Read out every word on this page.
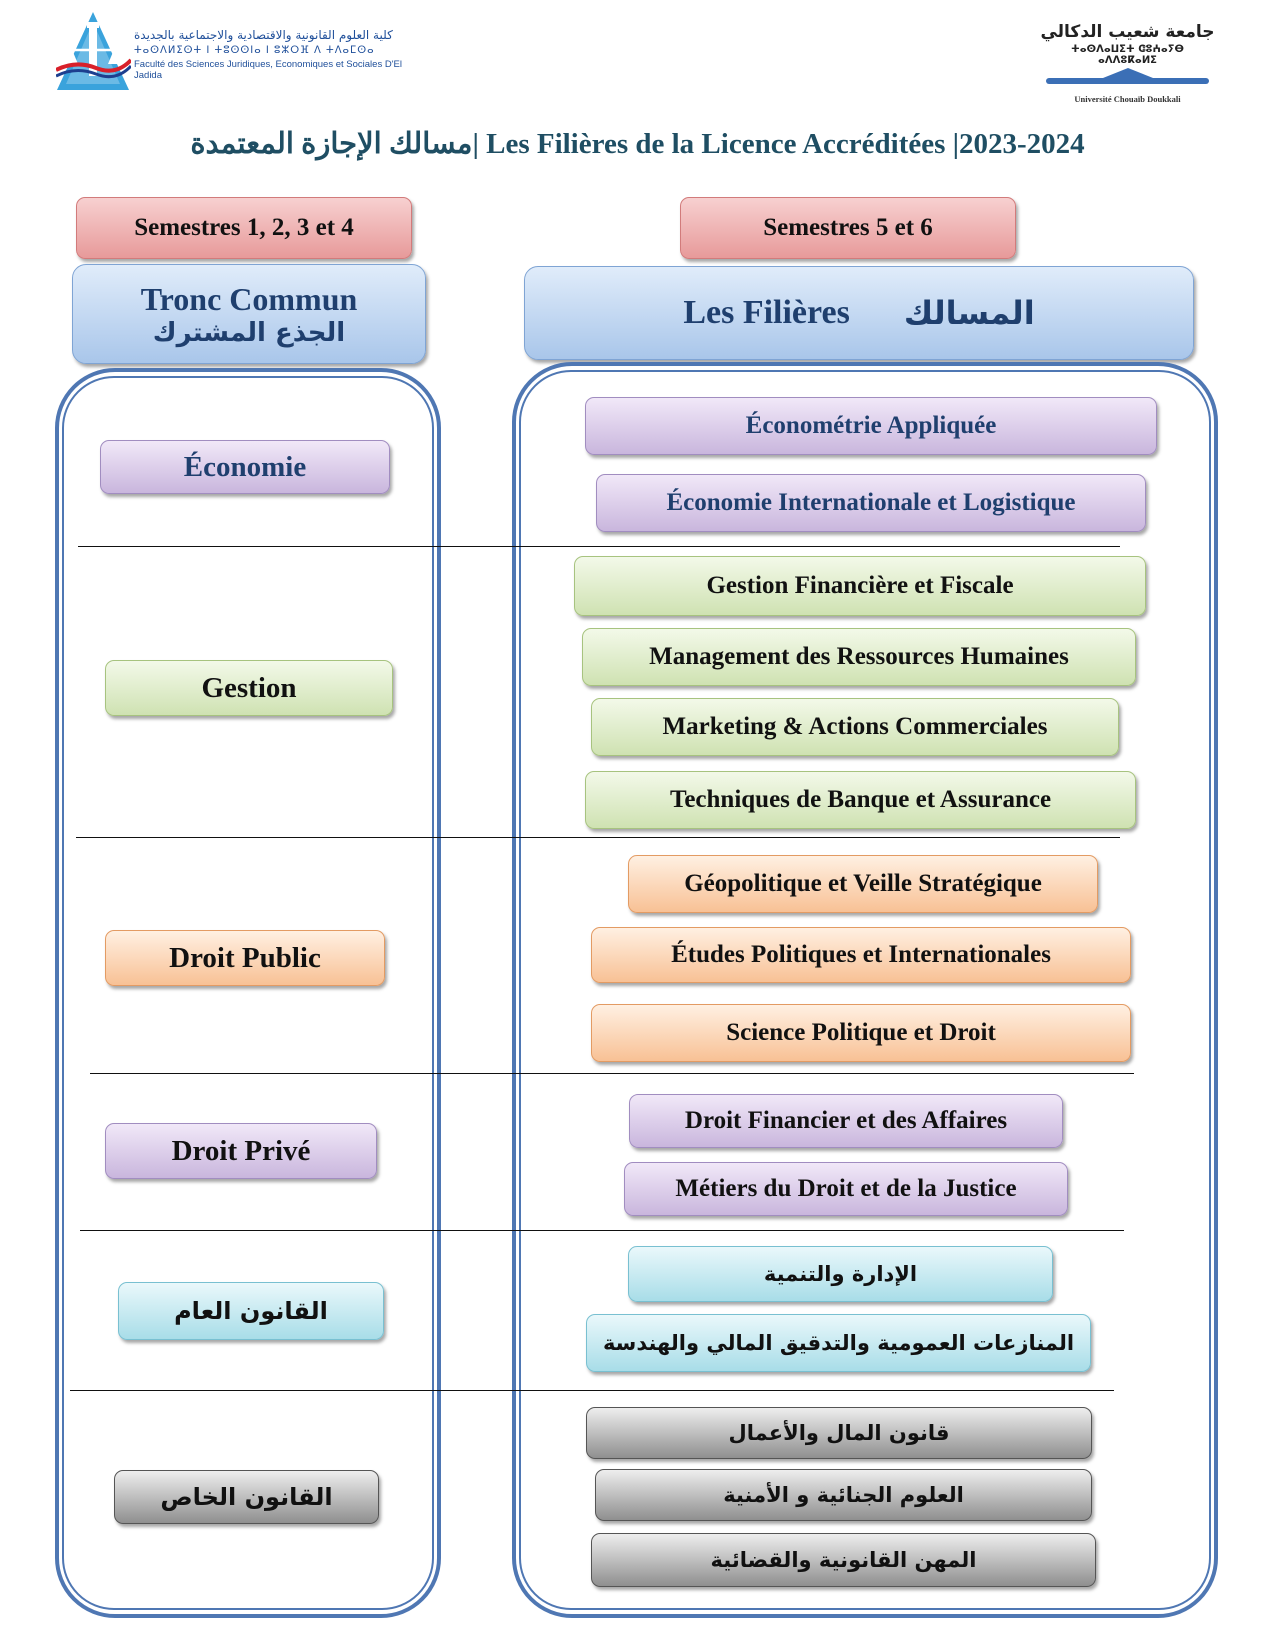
كلية العلوم القانونية والاقتصادية والاجتماعية بالجديدة
ⵜⴰⵙⴷⵍⵉⵙⵜ ⵏ ⵜⵓⵙⵙⵏⴰ ⵏ ⵓⵣⵔⴼ ⴷ ⵜⴷⴰⵎⵙⴰ
Faculté des Sciences Juridiques, Economiques et Sociales D'El Jadida
جامعة شعيب الدكالي
ⵜⴰⵙⴷⴰⵡⵉⵜ ⵛⵓⵄⴰⵢⴱ ⴰⴷⴷⵓⴽⴰⵍⵉ
Université Chouaïb Doukkali
مسالك الإجازة المعتمدة| Les Filières de la Licence Accréditées |2023-2024
Semestres 1, 2, 3 et 4	Semestres 5 et 6
Tronc Commun
الجذع المشترك
Les Filières المسالك
Économie
Gestion
Droit Public
Droit Privé
القانون العام
القانون الخاص
Économétrie Appliquée
Économie Internationale et Logistique
Gestion Financière et Fiscale
Management des Ressources Humaines
Marketing & Actions Commerciales
Techniques de Banque et Assurance
Géopolitique et Veille Stratégique
Études Politiques et Internationales
Science Politique et Droit
Droit Financier et des Affaires
Métiers du Droit et de la Justice
الإدارة والتنمية
المنازعات العمومية والتدقيق المالي والهندسة
قانون المال والأعمال
العلوم الجنائية و الأمنية
المهن القانونية والقضائية
